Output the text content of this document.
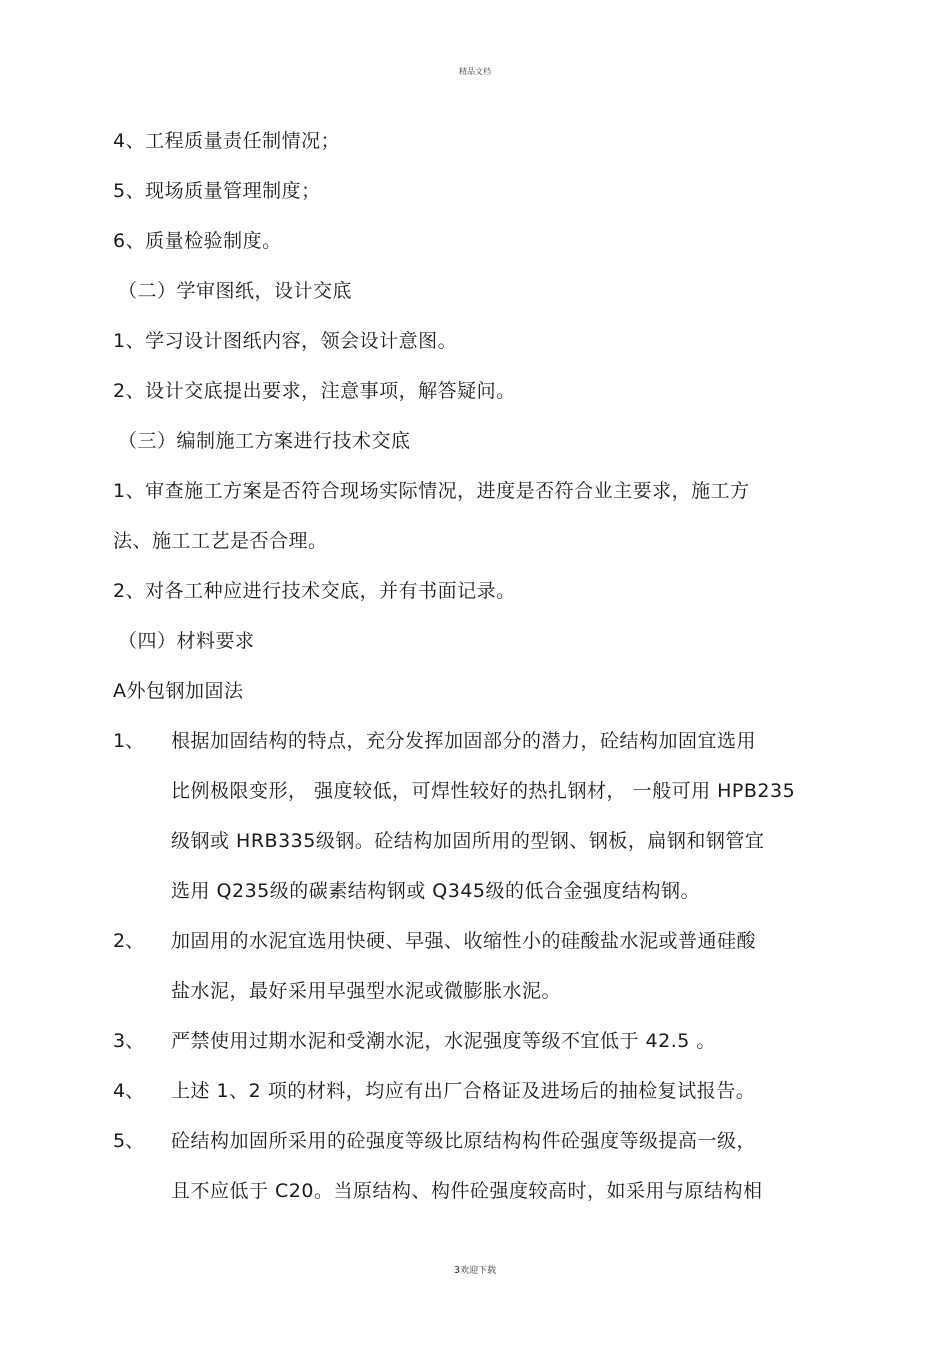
精品文档
4、工程质量责任制情况；
5、现场质量管理制度；
6、质量检验制度。
（二）学审图纸，设计交底
1、学习设计图纸内容，领会设计意图。
2、设计交底提出要求，注意事项，解答疑问。
（三）编制施工方案进行技术交底
1、审查施工方案是否符合现场实际情况，进度是否符合业主要求，施工方
法、施工工艺是否合理。
2、对各工种应进行技术交底，并有书面记录。
（四）材料要求
A外包钢加固法
1、 根据加固结构的特点，充分发挥加固部分的潜力，砼结构加固宜选用
比例极限变形， 强度较低，可焊性较好的热扎钢材， 一般可用 HPB235
级钢或 HRB335级钢。砼结构加固所用的型钢、钢板，扁钢和钢管宜
选用 Q235级的碳素结构钢或 Q345级的低合金强度结构钢。
2、 加固用的水泥宜选用快硬、早强、收缩性小的硅酸盐水泥或普通硅酸
盐水泥，最好采用早强型水泥或微膨胀水泥。
3、 严禁使用过期水泥和受潮水泥，水泥强度等级不宜低于 42.5 。
4、 上述 1、2 项的材料，均应有出厂合格证及进场后的抽检复试报告。
5、 砼结构加固所采用的砼强度等级比原结构构件砼强度等级提高一级，
且不应低于 C20。当原结构、构件砼强度较高时，如采用与原结构相
3欢迎下载
